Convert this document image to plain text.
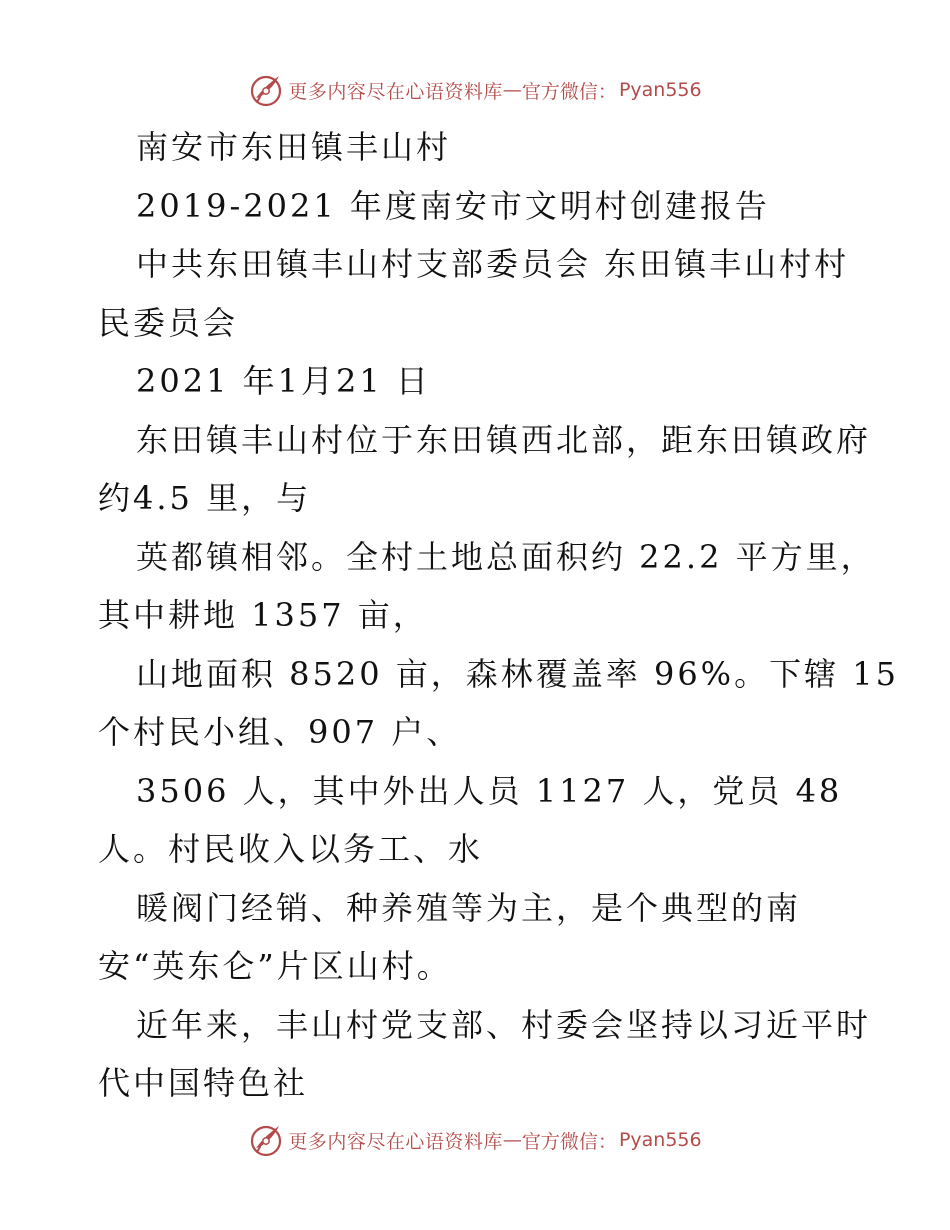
更多内容尽在心语资料库 — 官方微信： Pyan556
南安市东田镇丰山村
2019-2021 年度南安市文明村创建报告
中共东田镇丰山村支部委员会 东田镇丰山村村
民委员会
2021 年1月21 日
东田镇丰山村位于东田镇西北部，距东田镇政府
约4.5 里，与
英都镇相邻。全村土地总面积约 22.2 平方里，
其中耕地 1357 亩，
山地面积 8520 亩，森林覆盖率 96%。下辖 15
个村民小组、907 户、
3506 人，其中外出人员 1127 人，党员 48
人。村民收入以务工、水
暖阀门经销、种养殖等为主，是个典型的南
安“英东仑”片区山村。
近年来，丰山村党支部、村委会坚持以习近平时
代中国特色社
更多内容尽在心语资料库 — 官方微信： Pyan556
